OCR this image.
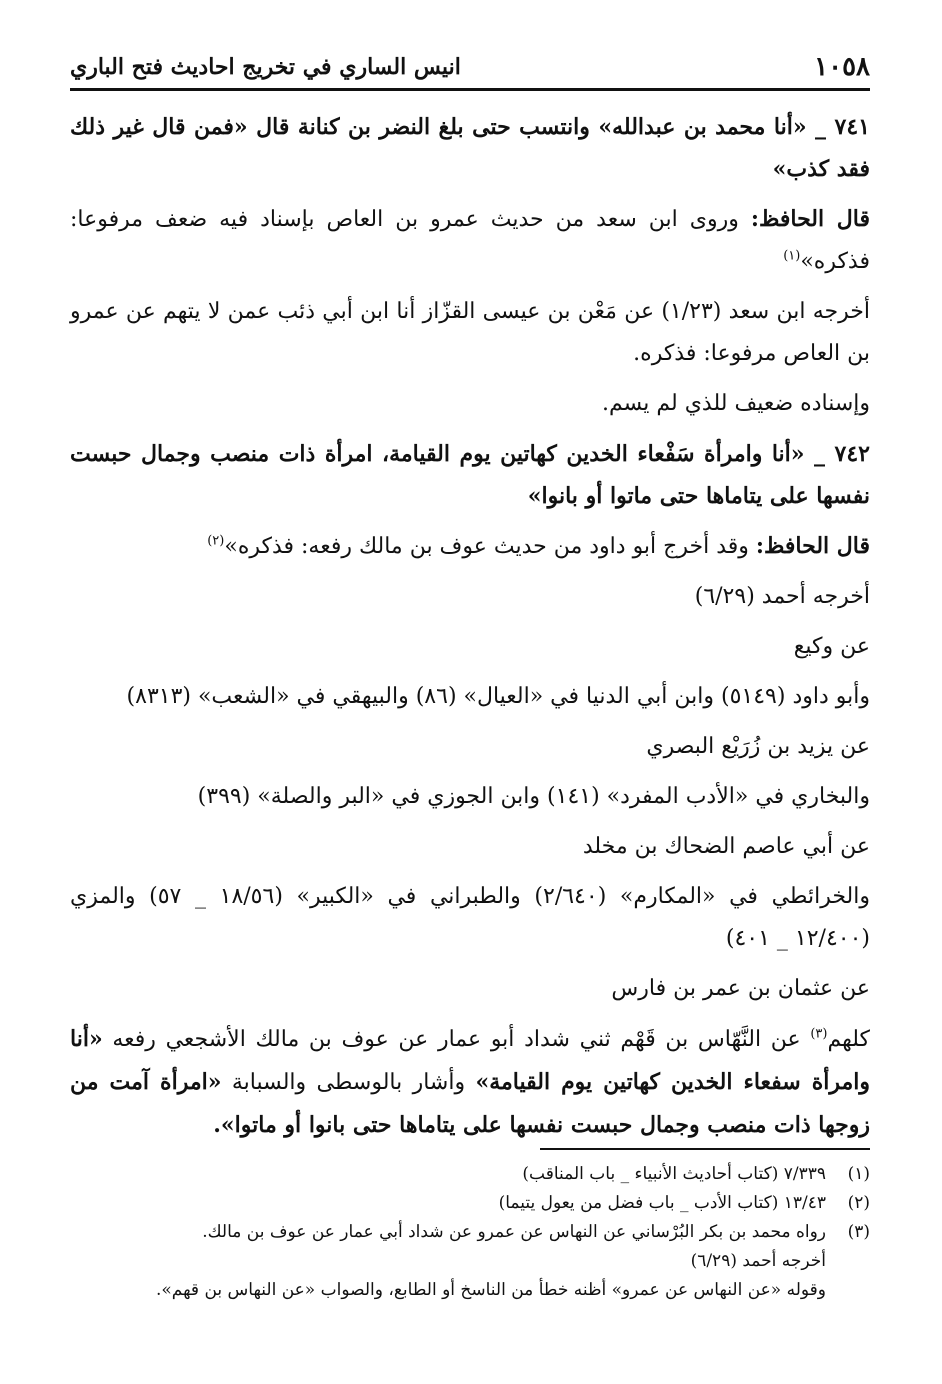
١٠٥٨
انيس الساري في تخريج احاديث فتح الباري

٧٤١ _ «أنا محمد بن عبدالله» وانتسب حتى بلغ النضر بن كنانة قال «فمن قال غير ذلك فقد كذب»

قال الحافظ: وروى ابن سعد من حديث عمرو بن العاص بإسناد فيه ضعف مرفوعا: فذكره»$^{(١)}$

أخرجه ابن سعد (١/٢٣) عن مَعْن بن عيسى القزّاز أنا ابن أبي ذئب عمن لا يتهم عن عمرو بن العاص مرفوعا: فذكره.

وإسناده ضعيف للذي لم يسم.

٧٤٢ _ «أنا وامرأة سَفْعاء الخدين كهاتين يوم القيامة، امرأة ذات منصب وجمال حبست نفسها على يتاماها حتى ماتوا أو بانوا»

قال الحافظ: وقد أخرج أبو داود من حديث عوف بن مالك رفعه: فذكره»$^{(٢)}$

أخرجه أحمد (٦/٢٩)

عن وكيع

وأبو داود (٥١٤٩) وابن أبي الدنيا في «العيال» (٨٦) والبيهقي في «الشعب» (٨٣١٣)

عن يزيد بن زُرَيْع البصري

والبخاري في «الأدب المفرد» (١٤١) وابن الجوزي في «البر والصلة» (٣٩٩)

عن أبي عاصم الضحاك بن مخلد

والخرائطي في «المكارم» (٢/٦٤٠) والطبراني في «الكبير» (١٨/٥٦ _ ٥٧) والمزي (١٢/٤٠٠ _ ٤٠١)

عن عثمان بن عمر بن فارس

كلهم$^{(٣)}$ عن النَّهّاس بن قَهْم ثني شداد أبو عمار عن عوف بن مالك الأشجعي رفعه «أنا وامرأة سفعاء الخدين كهاتين يوم القيامة» وأشار بالوسطى والسبابة «امرأة آمت من زوجها ذات منصب وجمال حبست نفسها على يتاماها حتى بانوا أو ماتوا».

(١)
٧/٣٣٩ (كتاب أحاديث الأنبياء _ باب المناقب)
(٢)
١٣/٤٣ (كتاب الأدب _ باب فضل من يعول يتيما)
(٣)
رواه محمد بن بكر البُرْساني عن النهاس عن عمرو عن شداد أبي عمار عن عوف بن مالك.
أخرجه أحمد (٦/٢٩)
وقوله «عن النهاس عن عمرو» أظنه خطأ من الناسخ أو الطابع، والصواب «عن النهاس بن قهم».
